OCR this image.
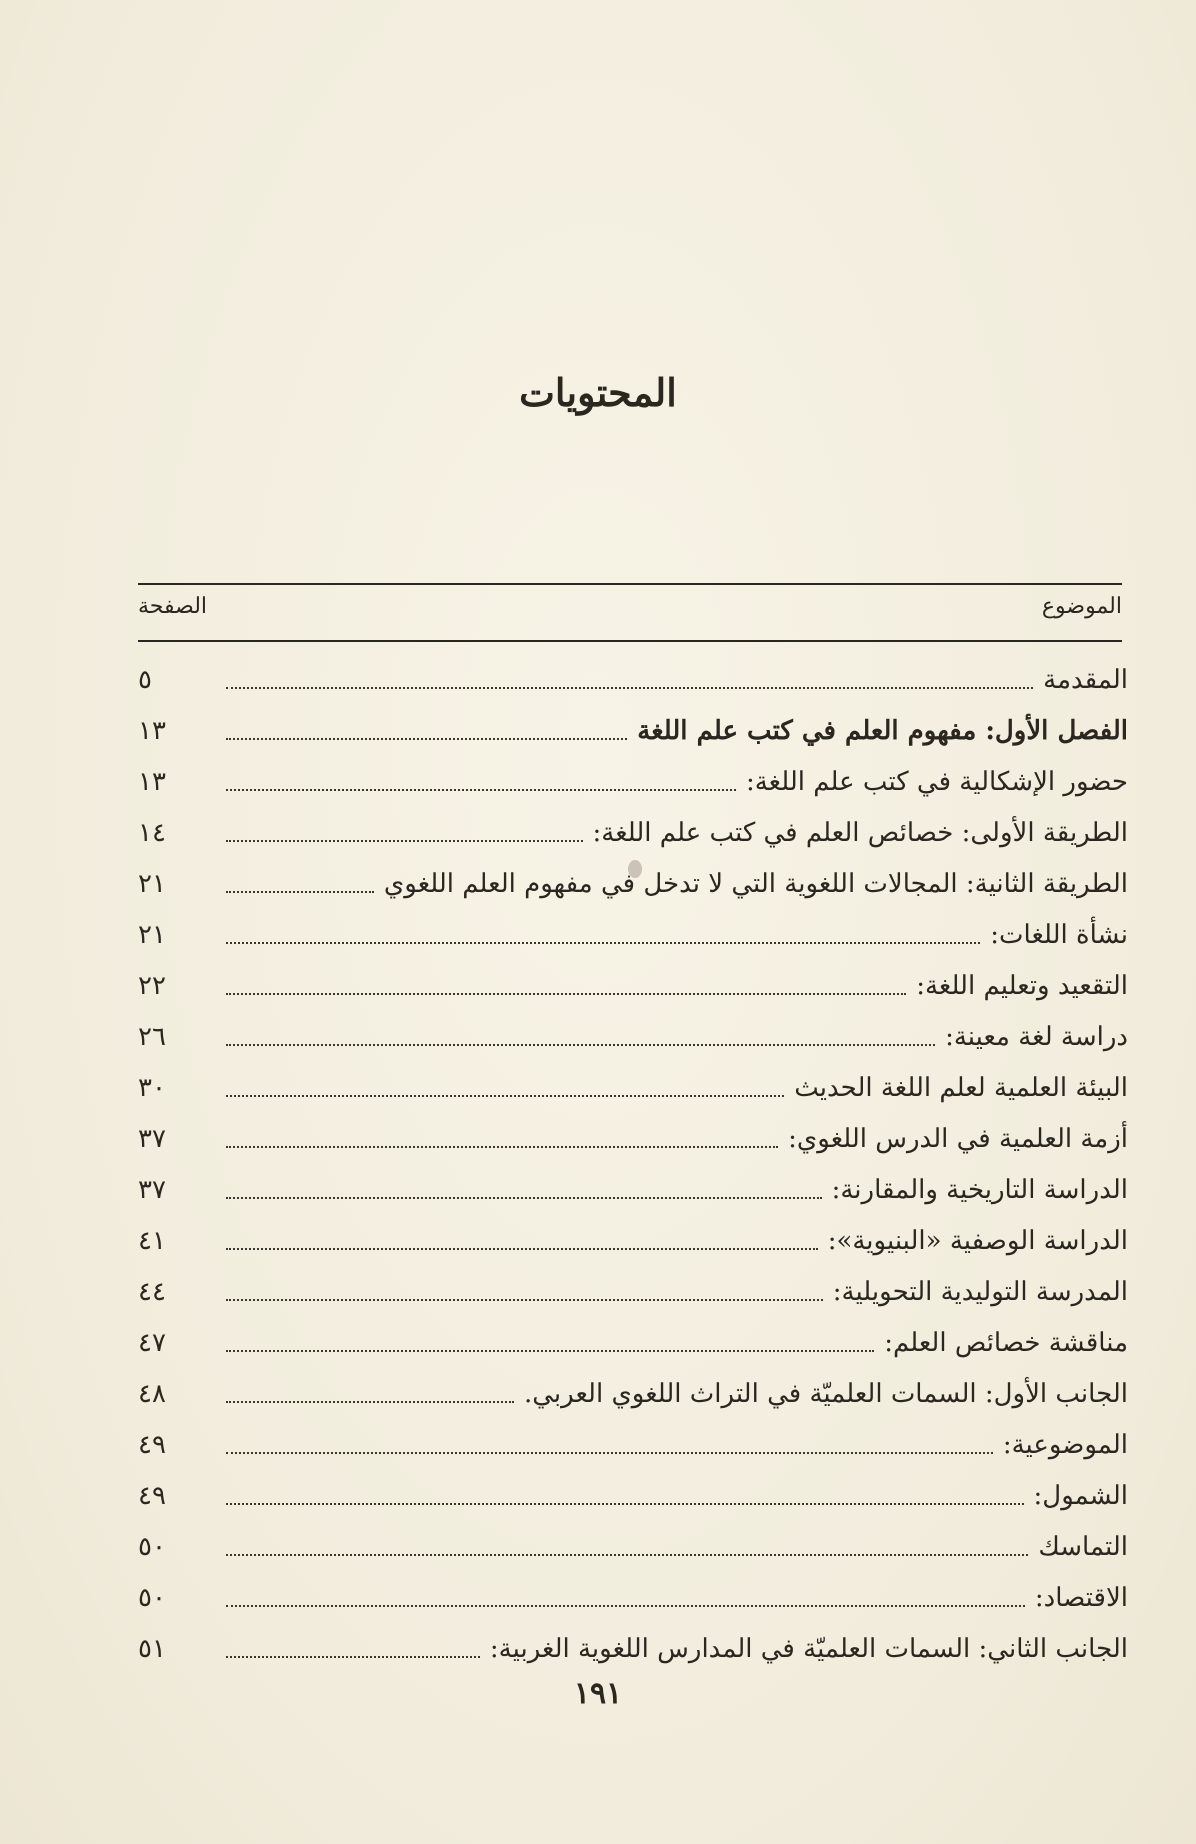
المحتويات
الموضوع
الصفحة
المقدمة
٥
الفصل الأول: مفهوم العلم في كتب علم اللغة
١٣
حضور الإشكالية في كتب علم اللغة:
١٣
الطريقة الأولى: خصائص العلم في كتب علم اللغة:
١٤
الطريقة الثانية: المجالات اللغوية التي لا تدخل في مفهوم العلم اللغوي
٢١
نشأة اللغات:
٢١
التقعيد وتعليم اللغة:
٢٢
دراسة لغة معينة:
٢٦
البيئة العلمية لعلم اللغة الحديث
٣٠
أزمة العلمية في الدرس اللغوي:
٣٧
الدراسة التاريخية والمقارنة:
٣٧
الدراسة الوصفية «البنيوية»:
٤١
المدرسة التوليدية التحويلية:
٤٤
مناقشة خصائص العلم:
٤٧
الجانب الأول: السمات العلميّة في التراث اللغوي العربي.
٤٨
الموضوعية:
٤٩
الشمول:
٤٩
التماسك
٥٠
الاقتصاد:
٥٠
الجانب الثاني: السمات العلميّة في المدارس اللغوية الغربية:
٥١
١٩١
